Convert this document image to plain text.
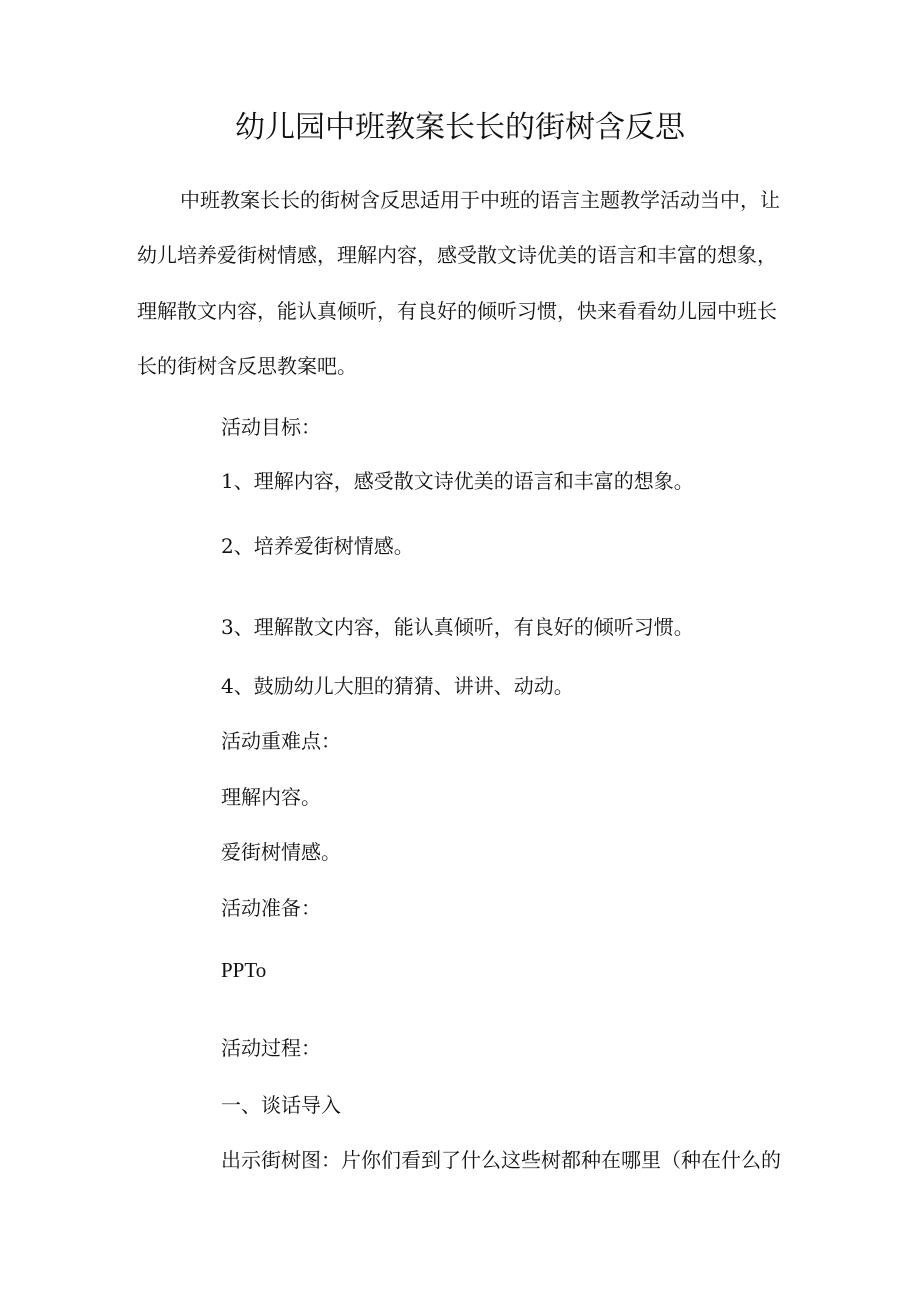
幼儿园中班教案长长的街树含反思
中班教案长长的街树含反思适用于中班的语言主题教学活动当中，让
幼儿培养爱街树情感，理解内容，感受散文诗优美的语言和丰富的想象，
理解散文内容，能认真倾听，有良好的倾听习惯，快来看看幼儿园中班长
长的街树含反思教案吧。
活动目标：
1、理解内容，感受散文诗优美的语言和丰富的想象。
2、培养爱街树情感。
3、理解散文内容，能认真倾听，有良好的倾听习惯。
4、鼓励幼儿大胆的猜猜、讲讲、动动。
活动重难点：
理解内容。
爱街树情感。
活动准备：
PPTo
活动过程：
一、谈话导入
出示街树图：片你们看到了什么这些树都种在哪里（种在什么的
